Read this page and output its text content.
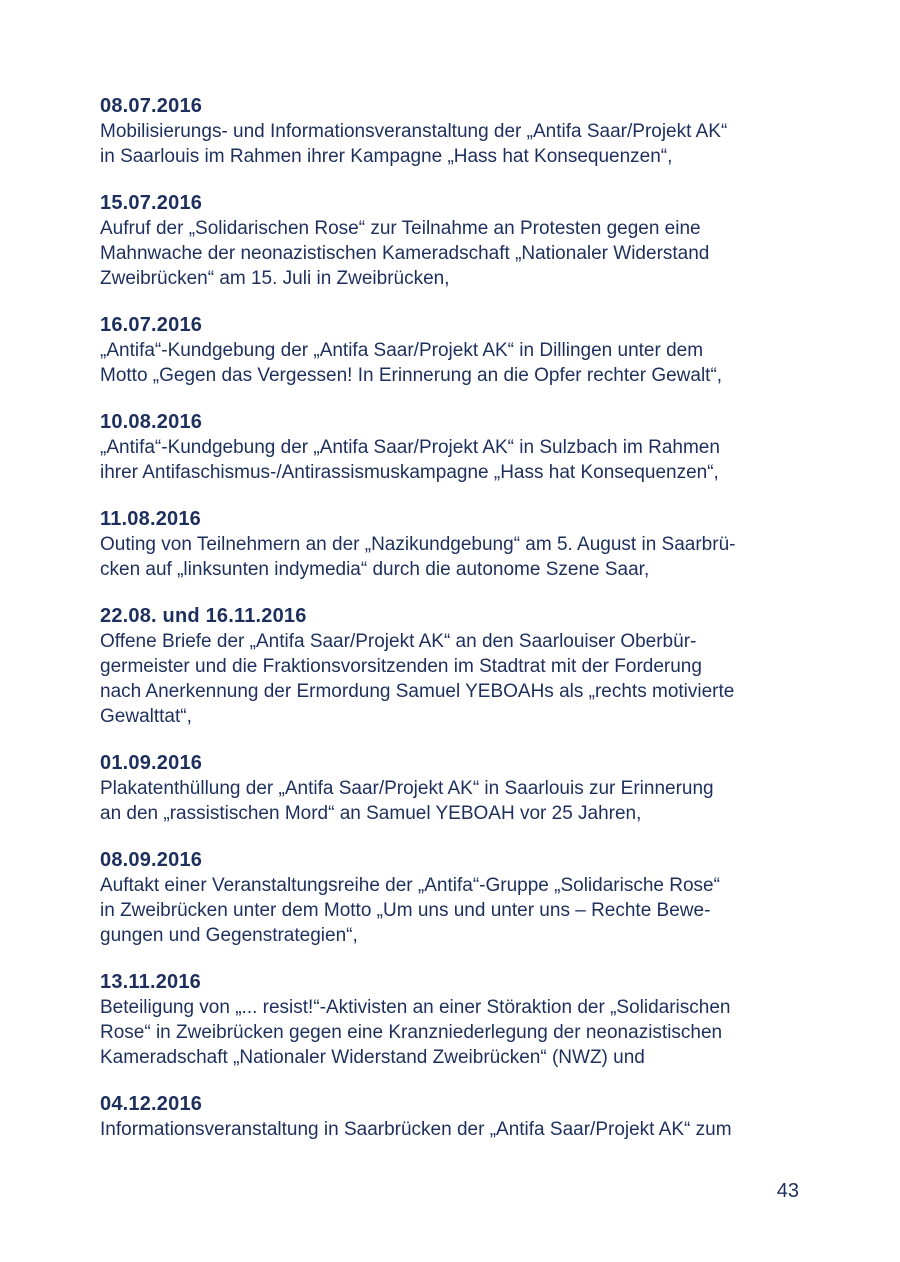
08.07.2016
Mobilisierungs- und Informationsveranstaltung der „Antifa Saar/Projekt AK“
in Saarlouis im Rahmen ihrer Kampagne „Hass hat Konsequenzen“,
15.07.2016
Aufruf der „Solidarischen Rose“ zur Teilnahme an Protesten gegen eine
Mahnwache der neonazistischen Kameradschaft „Nationaler Widerstand
Zweibrücken“ am 15. Juli in Zweibrücken,
16.07.2016
„Antifa“-Kundgebung der „Antifa Saar/Projekt AK“ in Dillingen unter dem
Motto „Gegen das Vergessen! In Erinnerung an die Opfer rechter Gewalt“,
10.08.2016
„Antifa“-Kundgebung der „Antifa Saar/Projekt AK“ in Sulzbach im Rahmen
ihrer Antifaschismus-/Antirassismuskampagne „Hass hat Konsequenzen“,
11.08.2016
Outing von Teilnehmern an der „Nazikundgebung“ am 5. August in Saarbrü-
cken auf „linksunten indymedia“ durch die autonome Szene Saar,
22.08. und 16.11.2016
Offene Briefe der „Antifa Saar/Projekt AK“ an den Saarlouiser Oberbür-
germeister und die Fraktionsvorsitzenden im Stadtrat mit der Forderung
nach Anerkennung der Ermordung Samuel YEBOAHs als „rechts motivierte
Gewalttat“,
01.09.2016
Plakatenthüllung der „Antifa Saar/Projekt AK“ in Saarlouis zur Erinnerung
an den „rassistischen Mord“ an Samuel YEBOAH vor 25 Jahren,
08.09.2016
Auftakt einer Veranstaltungsreihe der „Antifa“-Gruppe „Solidarische Rose“
in Zweibrücken unter dem Motto „Um uns und unter uns – Rechte Bewe-
gungen und Gegenstrategien“,
13.11.2016
Beteiligung von „... resist!“-Aktivisten an einer Störaktion der „Solidarischen
Rose“ in Zweibrücken gegen eine Kranzniederlegung der neonazistischen
Kameradschaft „Nationaler Widerstand Zweibrücken“ (NWZ) und
04.12.2016
Informationsveranstaltung in Saarbrücken der „Antifa Saar/Projekt AK“ zum
43
